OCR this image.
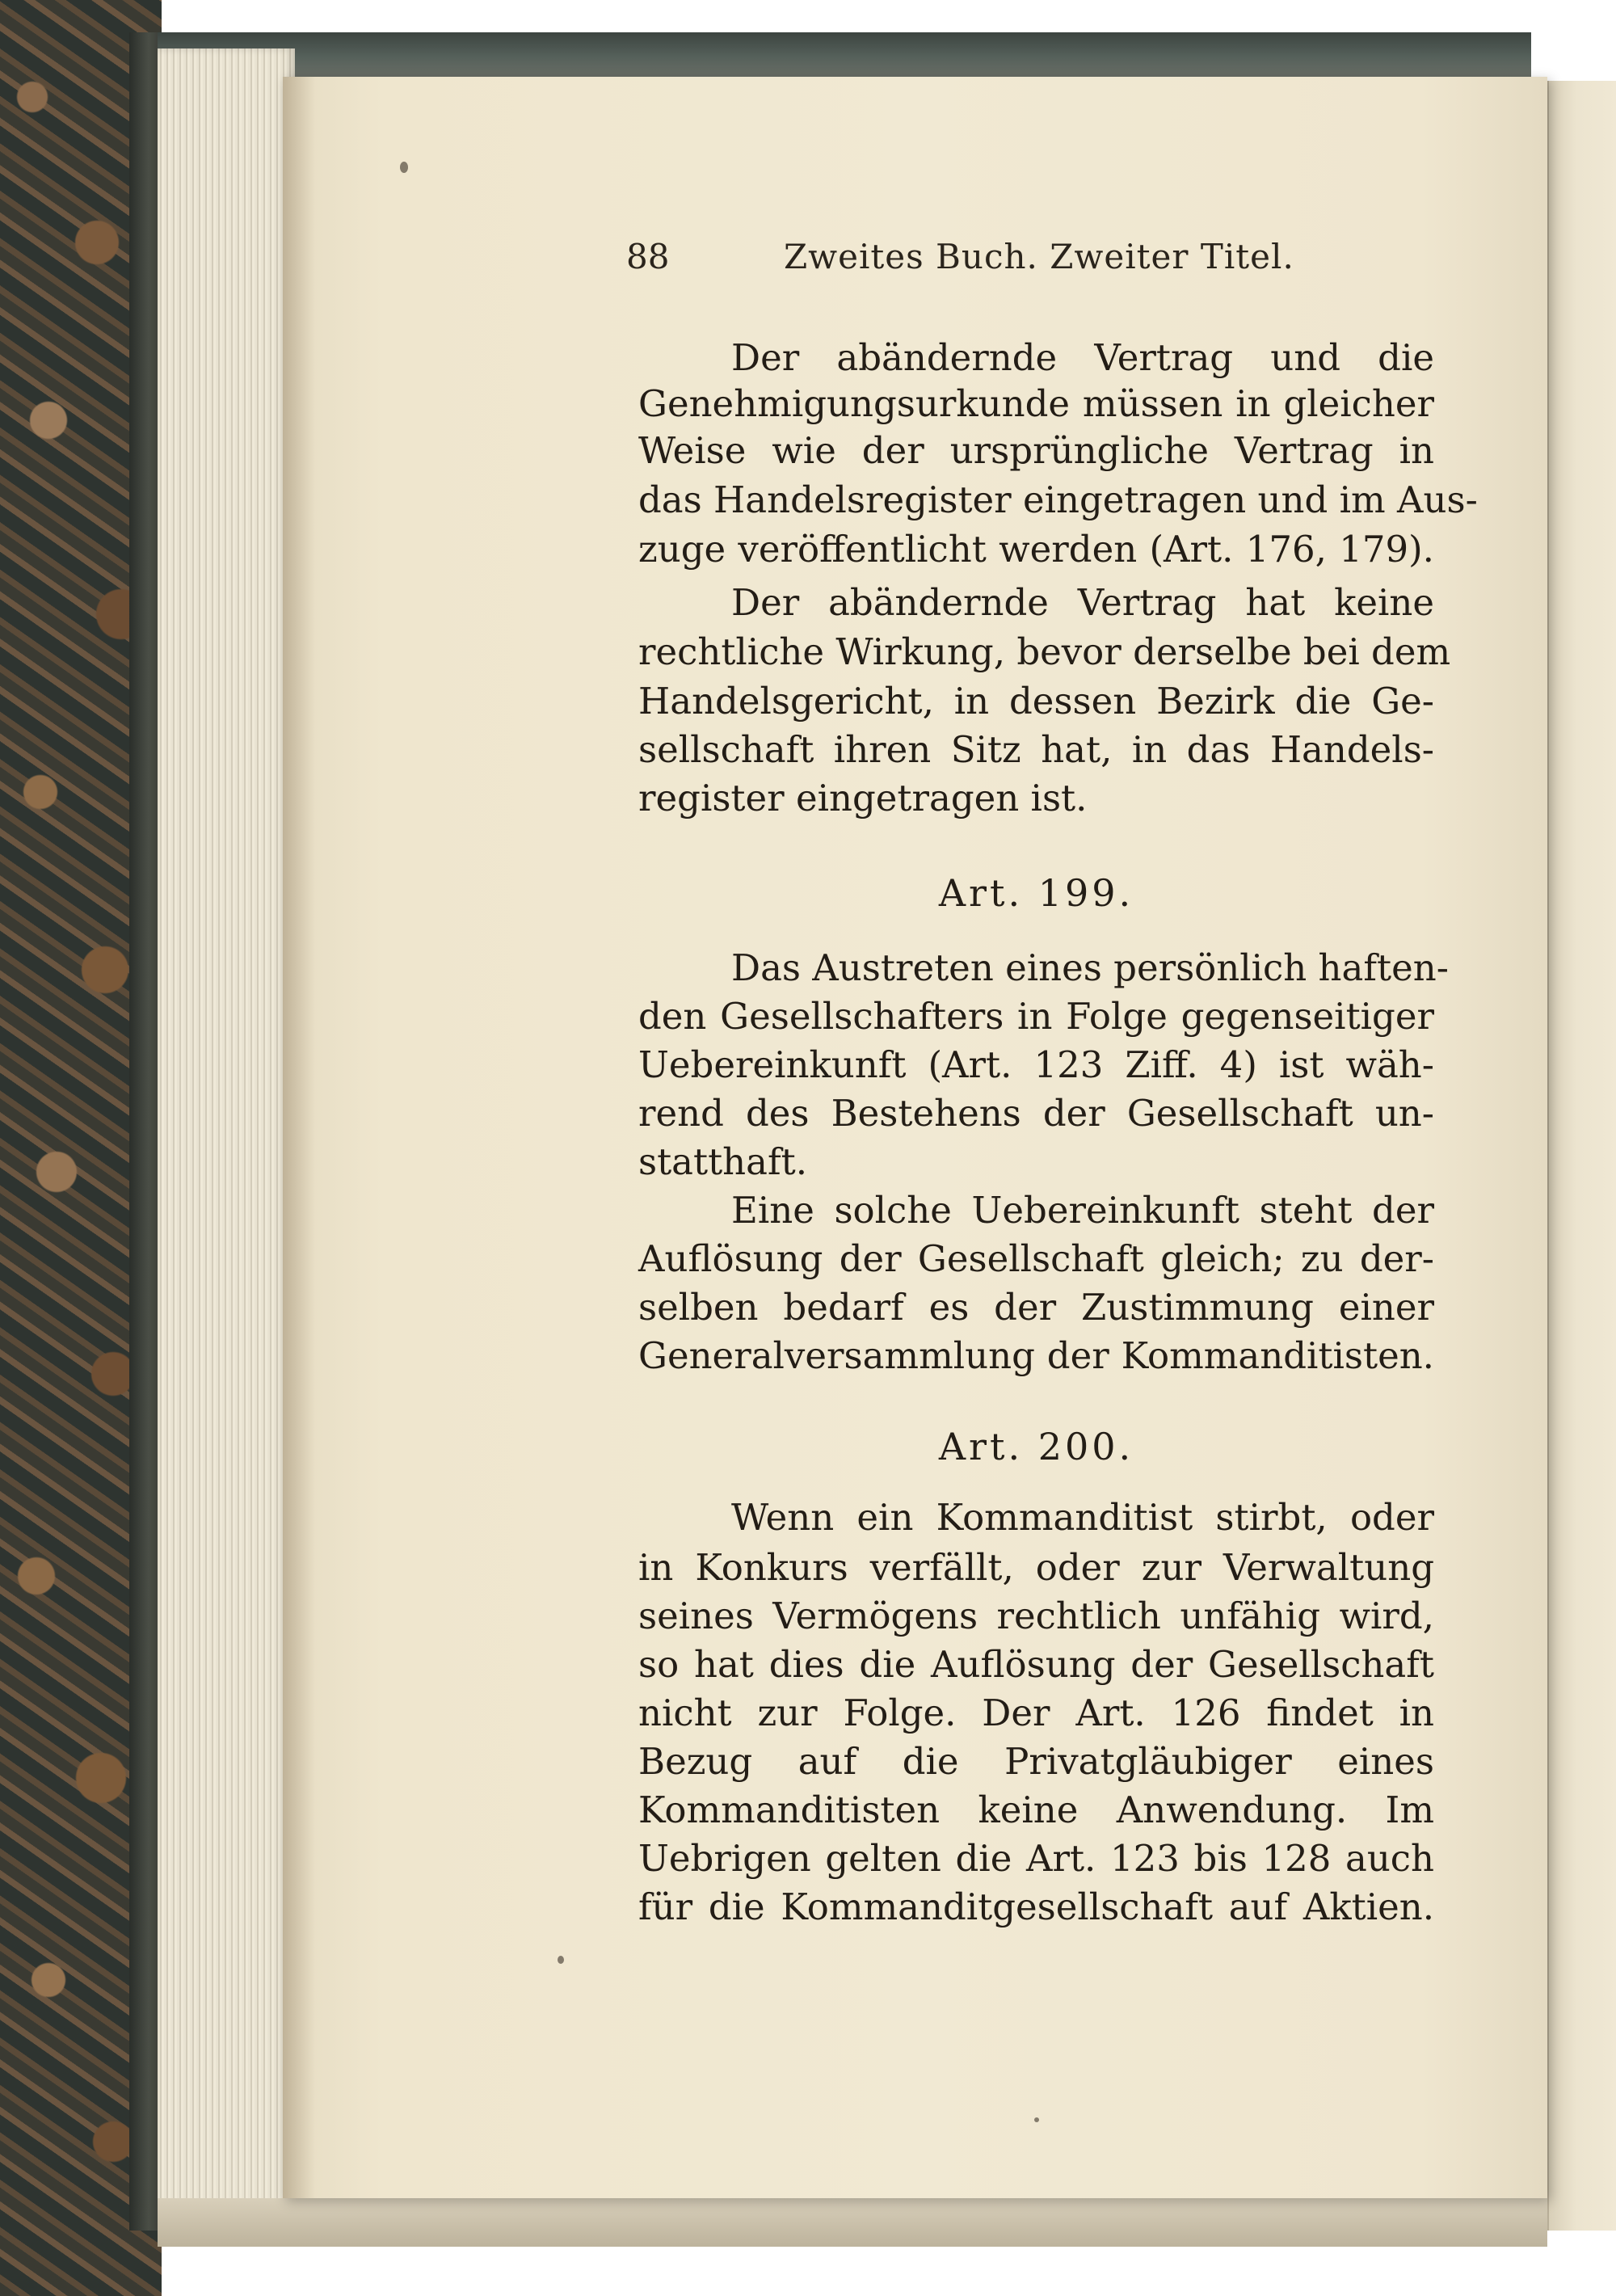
88	Zweites Buch. Zweiter Titel.
Der abändernde Vertrag und die
Genehmigungsurkunde müssen in gleicher
Weise wie der ursprüngliche Vertrag in
das Handelsregister eingetragen und im Aus-
zuge veröffentlicht werden (Art. 176, 179).
Der abändernde Vertrag hat keine
rechtliche Wirkung, bevor derselbe bei dem
Handelsgericht, in dessen Bezirk die Ge-
sellschaft ihren Sitz hat, in das Handels-
register eingetragen ist.
Art. 199.
Das Austreten eines persönlich haften-
den Gesellschafters in Folge gegenseitiger
Uebereinkunft (Art. 123 Ziff. 4) ist wäh-
rend des Bestehens der Gesellschaft un-
statthaft.
Eine solche Uebereinkunft steht der
Auflösung der Gesellschaft gleich; zu der-
selben bedarf es der Zustimmung einer
Generalversammlung der Kommanditisten.
Art. 200.
Wenn ein Kommanditist stirbt, oder
in Konkurs verfällt, oder zur Verwaltung
seines Vermögens rechtlich unfähig wird,
so hat dies die Auflösung der Gesellschaft
nicht zur Folge. Der Art. 126 findet in
Bezug auf die Privatgläubiger eines
Kommanditisten keine Anwendung. Im
Uebrigen gelten die Art. 123 bis 128 auch
für die Kommanditgesellschaft auf Aktien.
